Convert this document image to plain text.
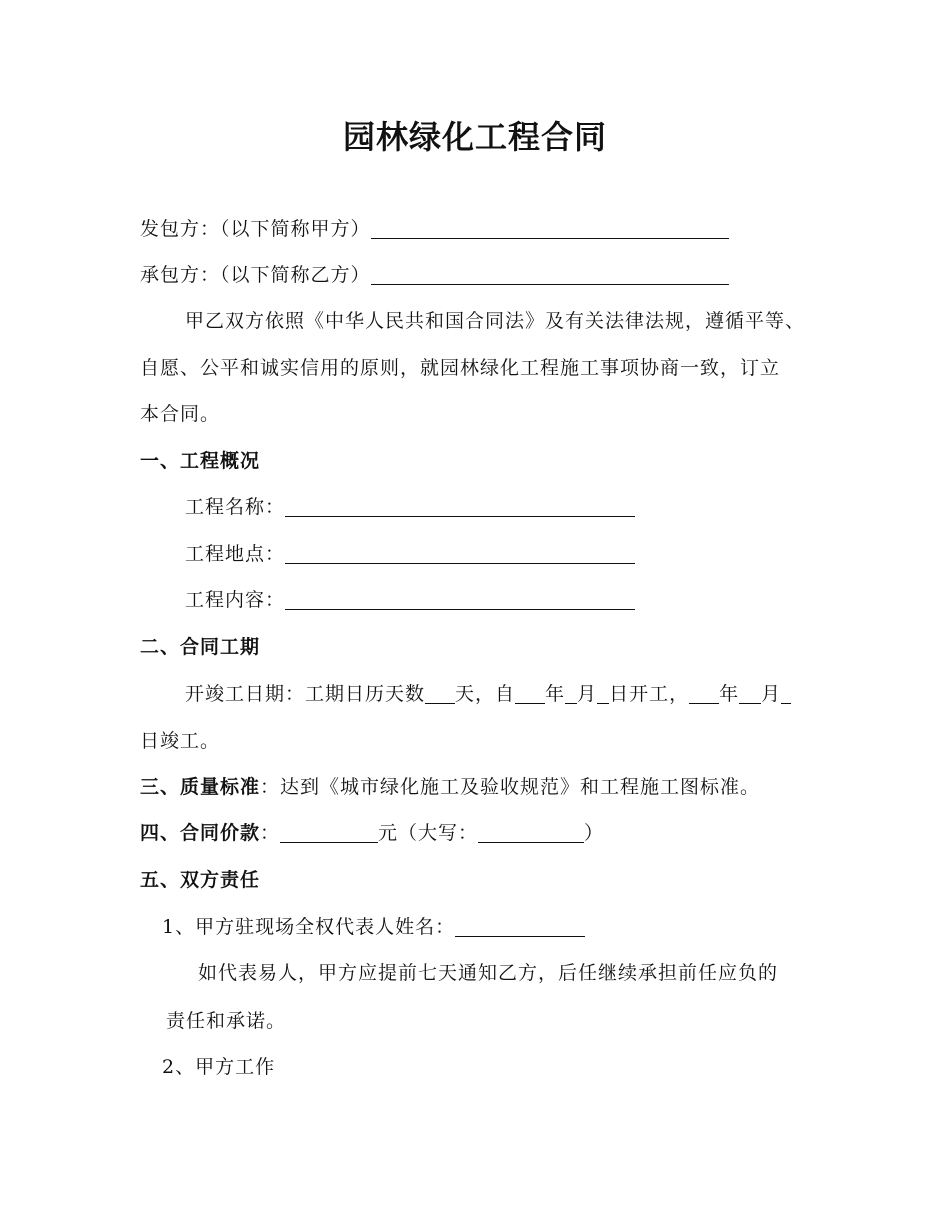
园林绿化工程合同
发包方：（以下简称甲方）
承包方：（以下简称乙方）
甲乙双方依照《中华人民共和国合同法》及有关法律法规，遵循平等、
自愿、公平和诚实信用的原则，就园林绿化工程施工事项协商一致，订立
本合同。
一、工程概况
工程名称：
工程地点：
工程内容：
二、合同工期
开竣工日期：工期日历天数 天，自 年 月 日开工， 年 月
日竣工。
三、质量标准：达到《城市绿化施工及验收规范》和工程施工图标准。
四、合同价款：	元（大写：	）
五、双方责任
1、甲方驻现场全权代表人姓名：
如代表易人，甲方应提前七天通知乙方，后任继续承担前任应负的
责任和承诺。
2、甲方工作
